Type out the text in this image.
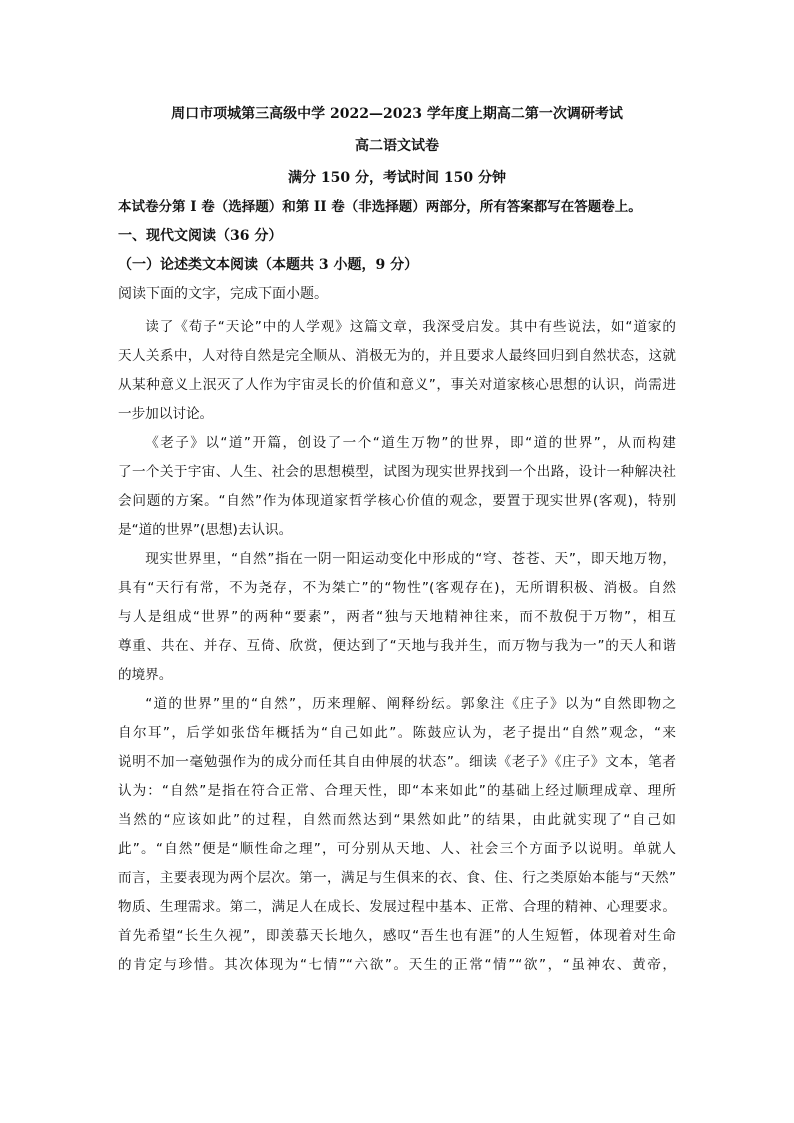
周口市项城第三高级中学 2022—2023 学年度上期高二第一次调研考试
高二语文试卷
满分 150 分，考试时间 150 分钟
本试卷分第 I 卷（选择题）和第 II 卷（非选择题）两部分，所有答案都写在答题卷上。
一、现代文阅读（36 分）
（一）论述类文本阅读（本题共 3 小题，9 分）
阅读下面的文字，完成下面小题。
读了《荀子“天论”中的人学观》这篇文章，我深受启发。其中有些说法，如“道家的
天人关系中，人对待自然是完全顺从、消极无为的，并且要求人最终回归到自然状态，这就
从某种意义上泯灭了人作为宇宙灵长的价值和意义”，事关对道家核心思想的认识，尚需进
一步加以讨论。
《老子》以“道”开篇，创设了一个“道生万物”的世界，即“道的世界”，从而构建
了一个关于宇宙、人生、社会的思想模型，试图为现实世界找到一个出路，设计一种解决社
会问题的方案。“自然”作为体现道家哲学核心价值的观念，要置于现实世界(客观)，特别
是“道的世界”(思想)去认识。
现实世界里，“自然”指在一阴一阳运动变化中形成的“穹、苍苍、天”，即天地万物，
具有“天行有常，不为尧存，不为桀亡”的“物性”(客观存在)，无所谓积极、消极。自然
与人是组成“世界”的两种“要素”，两者“独与天地精神往来，而不敖倪于万物”，相互
尊重、共在、并存、互倚、欣赏，便达到了“天地与我并生，而万物与我为一”的天人和谐
的境界。
“道的世界”里的“自然”，历来理解、阐释纷纭。郭象注《庄子》以为“自然即物之
自尔耳”，后学如张岱年概括为“自己如此”。陈鼓应认为，老子提出“自然”观念，“来
说明不加一毫勉强作为的成分而任其自由伸展的状态”。细读《老子》《庄子》文本，笔者
认为：“自然”是指在符合正常、合理天性，即“本来如此”的基础上经过顺理成章、理所
当然的“应该如此”的过程，自然而然达到“果然如此”的结果，由此就实现了“自己如
此”。“自然”便是“顺性命之理”，可分别从天地、人、社会三个方面予以说明。单就人
而言，主要表现为两个层次。第一，满足与生俱来的衣、食、住、行之类原始本能与“天然”
物质、生理需求。第二，满足人在成长、发展过程中基本、正常、合理的精神、心理要求。
首先希望“长生久视”，即羡慕天长地久，感叹“吾生也有涯”的人生短暂，体现着对生命
的肯定与珍惜。其次体现为“七情”“六欲”。天生的正常“情”“欲”，“虽神农、黄帝，
